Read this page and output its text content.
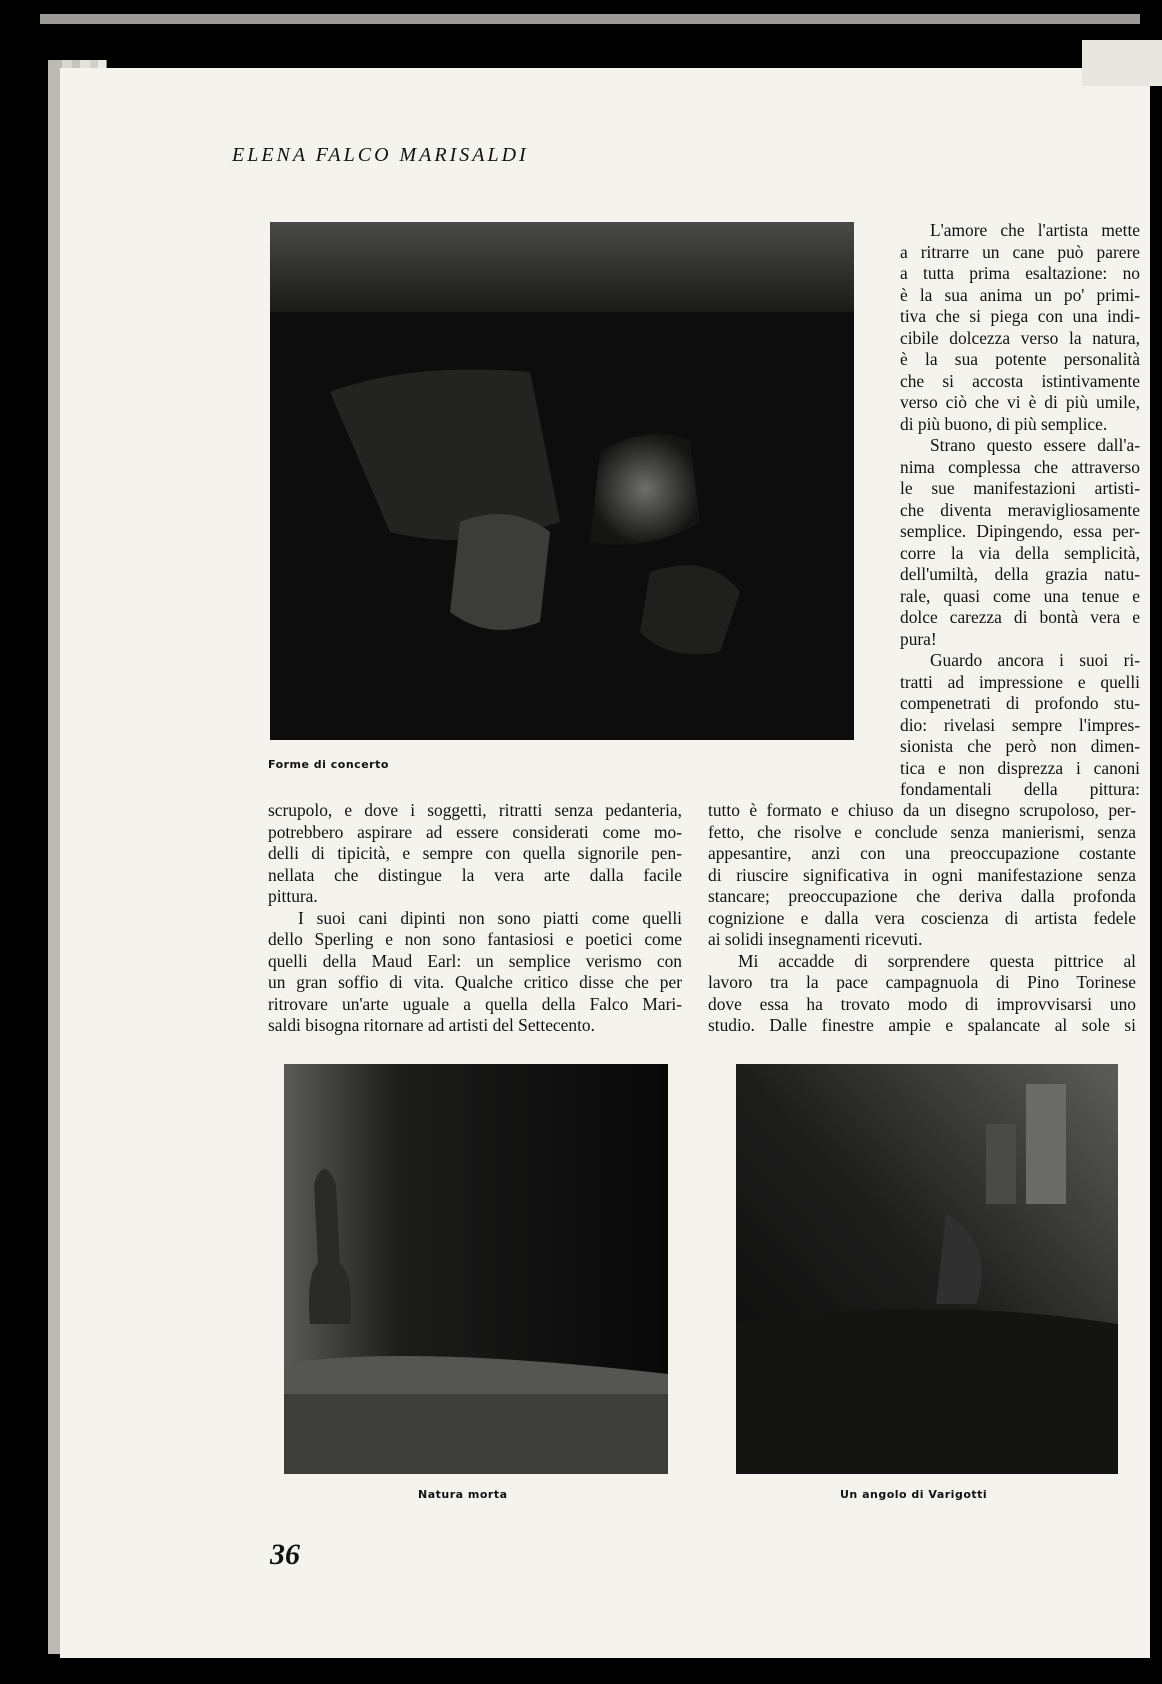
ELENA FALCO MARISALDI
Forme di concerto
L'amore che l'artista mette
a ritrarre un cane può parere
a tutta prima esaltazione: no
è la sua anima un po' primi-
tiva che si piega con una indi-
cibile dolcezza verso la natura,
è la sua potente personalità
che si accosta istintivamente
verso ciò che vi è di più umile,
di più buono, di più semplice.
Strano questo essere dall'a-
nima complessa che attraverso
le sue manifestazioni artisti-
che diventa meravigliosamente
semplice. Dipingendo, essa per-
corre la via della semplicità,
dell'umiltà, della grazia natu-
rale, quasi come una tenue e
dolce carezza di bontà vera e
pura!
Guardo ancora i suoi ri-
tratti ad impressione e quelli
compenetrati di profondo stu-
dio: rivelasi sempre l'impres-
sionista che però non dimen-
tica e non disprezza i canoni
fondamentali della pittura:
scrupolo, e dove i soggetti, ritratti senza pedanteria,
potrebbero aspirare ad essere considerati come mo-
delli di tipicità, e sempre con quella signorile pen-
nellata che distingue la vera arte dalla facile
pittura.
I suoi cani dipinti non sono piatti come quelli
dello Sperling e non sono fantasiosi e poetici come
quelli della Maud Earl: un semplice verismo con
un gran soffio di vita. Qualche critico disse che per
ritrovare un'arte uguale a quella della Falco Mari-
saldi bisogna ritornare ad artisti del Settecento.
tutto è formato e chiuso da un disegno scrupoloso, per-
fetto, che risolve e conclude senza manierismi, senza
appesantire, anzi con una preoccupazione costante
di riuscire significativa in ogni manifestazione senza
stancare; preoccupazione che deriva dalla profonda
cognizione e dalla vera coscienza di artista fedele
ai solidi insegnamenti ricevuti.
Mi accadde di sorprendere questa pittrice al
lavoro tra la pace campagnuola di Pino Torinese
dove essa ha trovato modo di improvvisarsi uno
studio. Dalle finestre ampie e spalancate al sole si
Natura morta	Un angolo di Varigotti
36
